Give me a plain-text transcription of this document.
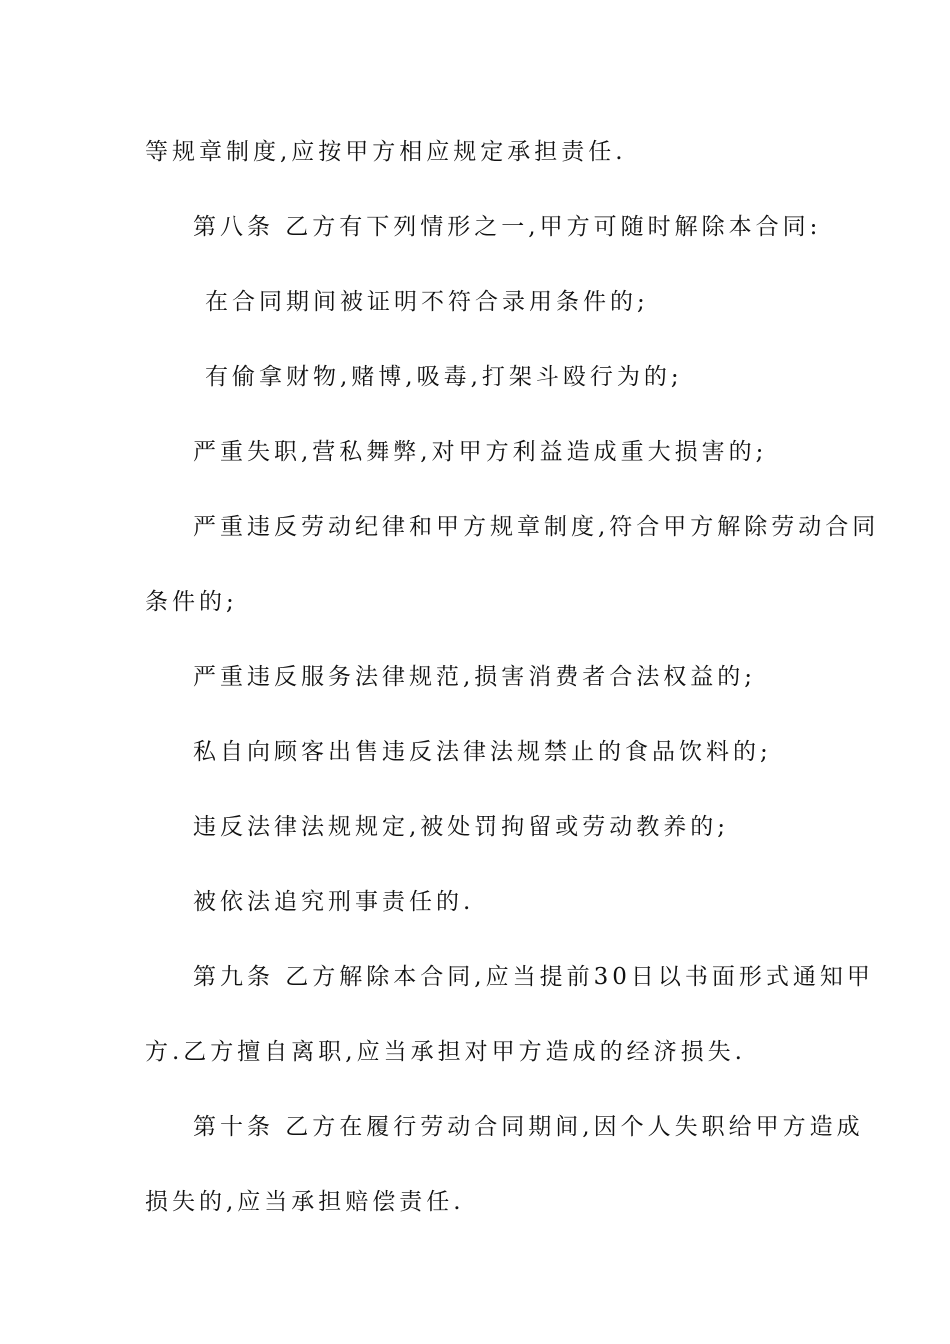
等规章制度,应按甲方相应规定承担责任.
第八条 乙方有下列情形之一,甲方可随时解除本合同:
在合同期间被证明不符合录用条件的;
有偷拿财物,赌博,吸毒,打架斗殴行为的;
严重失职,营私舞弊,对甲方利益造成重大损害的;
严重违反劳动纪律和甲方规章制度,符合甲方解除劳动合同
条件的;
严重违反服务法律规范,损害消费者合法权益的;
私自向顾客出售违反法律法规禁止的食品饮料的;
违反法律法规规定,被处罚拘留或劳动教养的;
被依法追究刑事责任的.
第九条 乙方解除本合同,应当提前30日以书面形式通知甲
方.乙方擅自离职,应当承担对甲方造成的经济损失.
第十条 乙方在履行劳动合同期间,因个人失职给甲方造成
损失的,应当承担赔偿责任.
